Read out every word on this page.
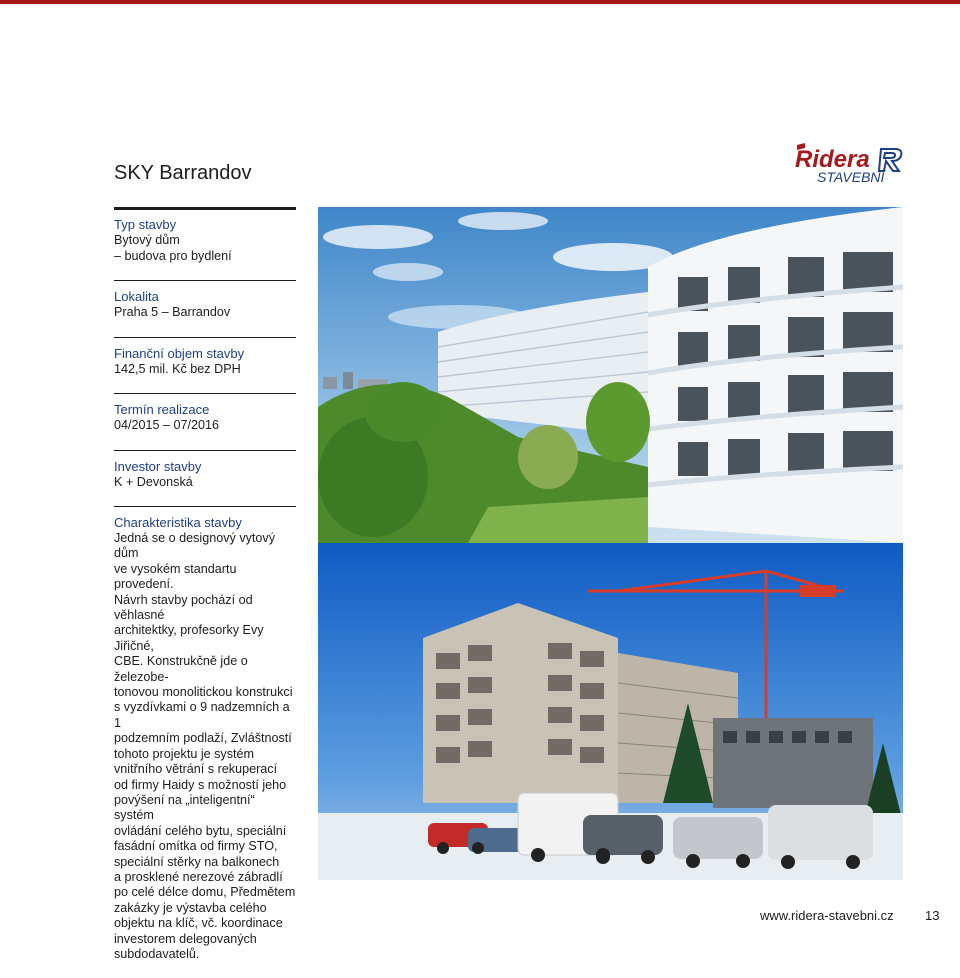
SKY Barrandov	Ridera
STAVEBNÍ
Typ stavby
Bytový dům
– budova pro bydlení
Lokalita
Praha 5 – Barrandov
Finanční objem stavby
142,5 mil. Kč bez DPH
Termín realizace
04/2015 – 07/2016
Investor stavby
K + Devonská
Charakteristika stavby
Jedná se o designový vytový dům
ve vysokém standartu provedení.
Návrh stavby pochází od věhlasné
architektky, profesorky Evy Jiřičné,
CBE. Konstrukčně jde o železobe-
tonovou monolitickou konstrukci
s vyzdívkami o 9 nadzemních a 1
podzemním podlaží, Zvláštností
tohoto projektu je systém
vnitřního větrání s rekuperací
od firmy Haidy s možností jeho
povýšení na „inteligentní“ systém
ovládání celého bytu, speciální
fasádní omítka od firmy STO,
speciální stěrky na balkonech
a prosklené nerezové zábradlí
po celé délce domu, Předmětem
zakázky je výstavba celého
objektu na klíč, vč. koordinace
investorem delegovaných
subdodavatelů.
www.ridera-stavebni.cz 13
